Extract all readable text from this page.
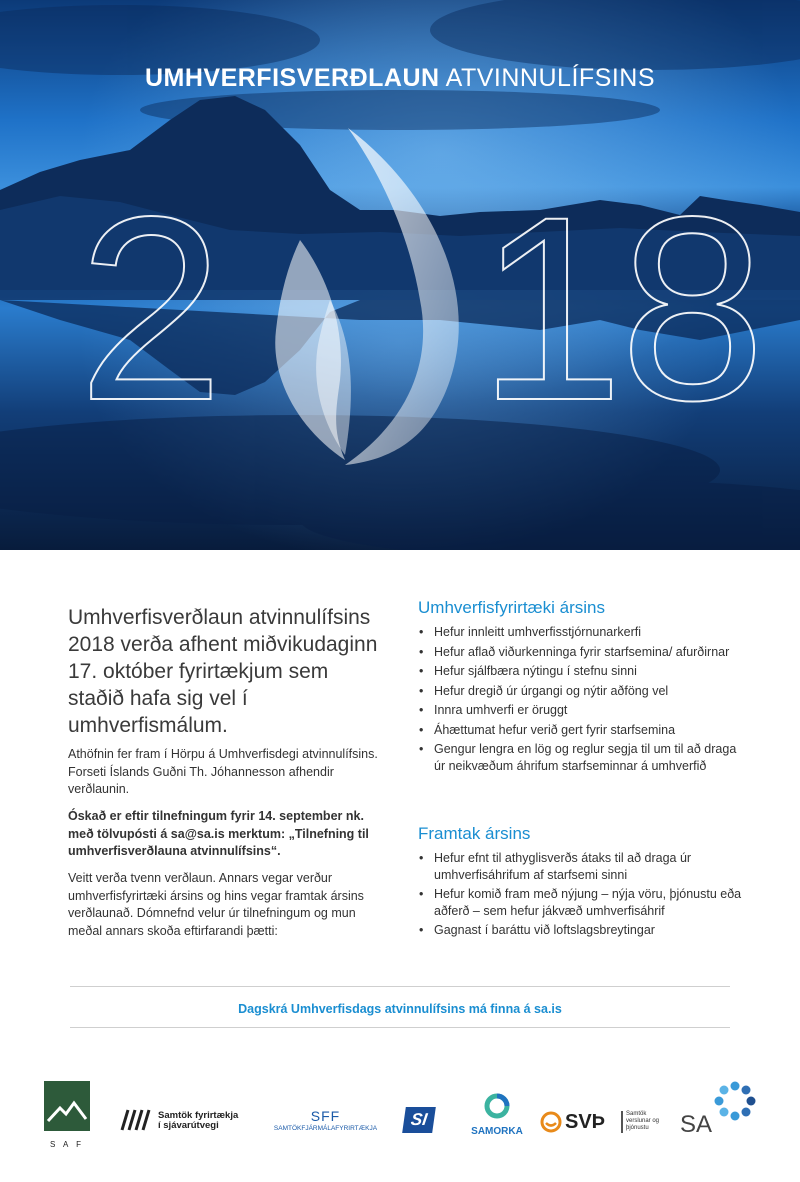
UMHVERFISVERÐLAUN ATVINNULÍFSINS
2 18
Umhverfisverðlaun atvinnulífsins 2018 verða afhent miðvikudaginn 17. október fyrirtækjum sem staðið hafa sig vel í umhverfismálum.
Athöfnin fer fram í Hörpu á Umhverfisdegi atvinnulífsins. Forseti Íslands Guðni Th. Jóhannesson afhendir verðlaunin.
Óskað er eftir tilnefningum fyrir 14. september nk. með tölvupósti á sa@sa.is merktum: „Tilnefning til umhverfisverðlauna atvinnulífsins“.
Veitt verða tvenn verðlaun. Annars vegar verður umhverfisfyrirtæki ársins og hins vegar framtak ársins verðlaunað. Dómnefnd velur úr tilnefningum og mun meðal annars skoða eftirfarandi þætti:
Umhverfisfyrirtæki ársins
• Hefur innleitt umhverfisstjórnunarkerfi
• Hefur aflað viðurkenninga fyrir starfsemina/ afurðirnar
• Hefur sjálfbæra nýtingu í stefnu sinni
• Hefur dregið úr úrgangi og nýtir aðföng vel
• Innra umhverfi er öruggt
• Áhættumat hefur verið gert fyrir starfsemina
• Gengur lengra en lög og reglur segja til um til að draga úr neikvæðum áhrifum starfseminnar á umhverfið
Framtak ársins
• Hefur efnt til athyglisverðs átaks til að draga úr umhverfisáhrifum af starfsemi sinni
• Hefur komið fram með nýjung – nýja vöru, þjónustu eða aðferð – sem hefur jákvæð umhverfisáhrif
• Gagnast í baráttu við loftslagsbreytingar
Dagskrá Umhverfisdags atvinnulífsins má finna á sa.is
S A F
Samtök fyrirtækja
í sjávarútvegi
SFF
SAMTÖKFJÁRMÁLAFYRIRTÆKJA	SI
SAMORKA SVÞ	Samtök
verslunar og
þjónustu	SA
